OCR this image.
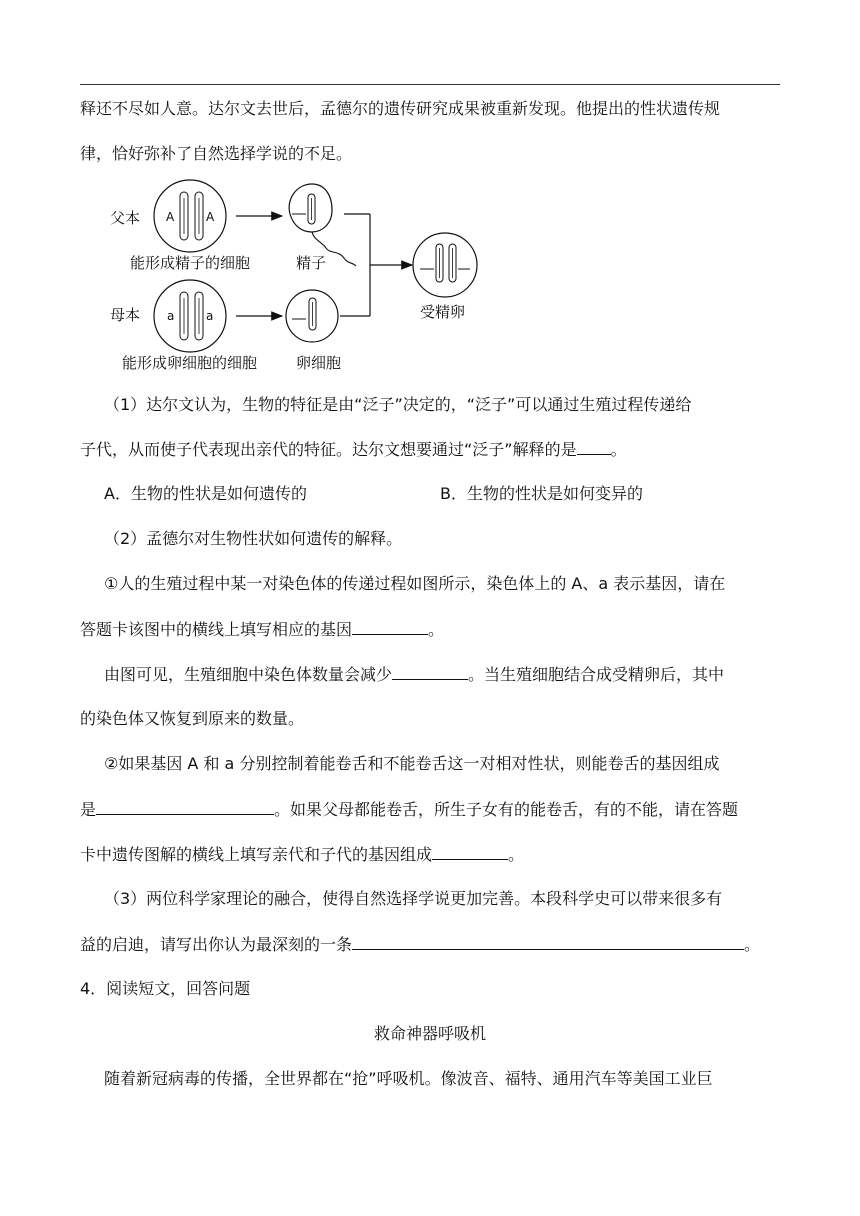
释还不尽如人意。达尔文去世后，孟德尔的遗传研究成果被重新发现。他提出的性状遗传规
律，恰好弥补了自然选择学说的不足。
父本 A	A
能形成精子的细胞	精子
母本 a	a
能形成卵细胞的细胞	卵细胞
受精卵
（1）达尔文认为，生物的特征是由“泛子”决定的，“泛子”可以通过生殖过程传递给
子代，从而使子代表现出亲代的特征。达尔文想要通过“泛子”解释的是 。
A．生物的性状是如何遗传的	B．生物的性状是如何变异的
（2）孟德尔对生物性状如何遗传的解释。
①人的生殖过程中某一对染色体的传递过程如图所示，染色体上的 A、a 表示基因，请在
答题卡该图中的横线上填写相应的基因	。
由图可见，生殖细胞中染色体数量会减少	。当生殖细胞结合成受精卵后，其中
的染色体又恢复到原来的数量。
②如果基因 A 和 a 分别控制着能卷舌和不能卷舌这一对相对性状，则能卷舌的基因组成
是	。如果父母都能卷舌，所生子女有的能卷舌，有的不能，请在答题
卡中遗传图解的横线上填写亲代和子代的基因组成	。
（3）两位科学家理论的融合，使得自然选择学说更加完善。本段科学史可以带来很多有
益的启迪，请写出你认为最深刻的一条	。
4．阅读短文，回答问题
救命神器呼吸机
随着新冠病毒的传播，全世界都在“抢”呼吸机。像波音、福特、通用汽车等美国工业巨
